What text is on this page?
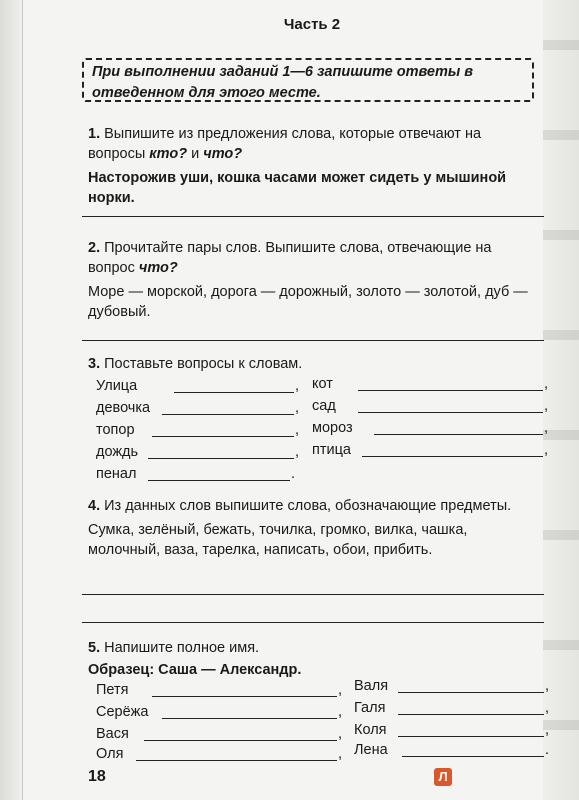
Часть 2
При выполнении заданий 1—6 запишите ответы в отведенном для этого месте.
1. Выпишите из предложения слова, которые отвечают на вопросы кто? и что?
Насторожив уши, кошка часами может сидеть у мышиной норки.
2. Прочитайте пары слов. Выпишите слова, отвечающие на вопрос что?
Море — морской, дорога — дорожный, золото — золотой, дуб — дубовый.
3. Поставьте вопросы к словам.
Улица	, кот	,
девочка	, сад	,
топор	, мороз	,
дождь	, птица	,
пенал	.
4. Из данных слов выпишите слова, обозначающие предметы.
Сумка, зелёный, бежать, точилка, громко, вилка, чашка, молочный, ваза, тарелка, написать, обои, прибить.
5. Напишите полное имя.
Образец: Саша — Александр.
Петя	, Валя	,
Серёжа	, Галя	,
Вася	, Коля	,
Оля	, Лена	.
18	Л
